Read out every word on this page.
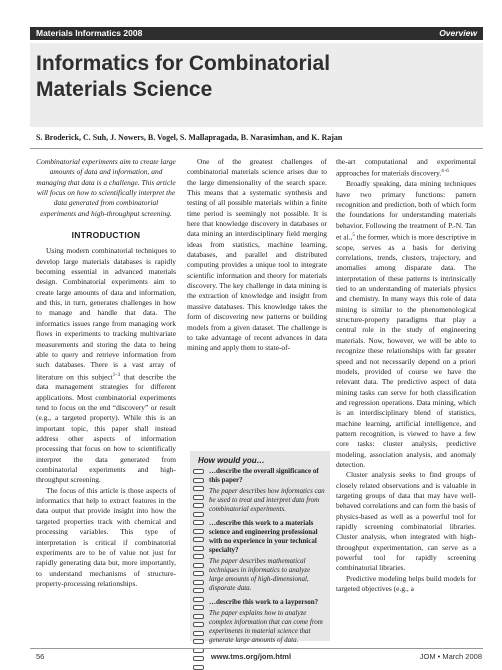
Materials Informatics 2008	Overview
Informatics for Combinatorial
Materials Science
S. Broderick, C. Suh, J. Nowers, B. Vogel, S. Mallapragada, B. Narasimhan, and K. Rajan

Combinatorial experiments aim to create large amounts of data and information, and managing that data is a challenge. This article will focus on how to scientifically interpret the data generated from combinatorial experiments and high-throughput screening.

INTRODUCTION

Using modern combinatorial techniques to develop large materials databases is rapidly becoming essential in advanced materials design. Combinatorial experiments aim to create large amounts of data and information, and this, in turn, generates challenges in how to manage and handle that data. The informatics issues range from managing work flows in experiments to tracking multivariate measurements and storing the data to being able to query and retrieve information from such databases. There is a vast array of literature on this subject$^{1-3}$ that describe the data management strategies for different applications. Most combinatorial experiments tend to focus on the end “discovery” or result (e.g., a targeted property). While this is an important topic, this paper shall instead address other aspects of information processing that focus on how to scientifically interpret the data generated from combinatorial experiments and high-throughput screening.

The focus of this article is those aspects of informatics that help to extract features in the data output that provide insight into how the targeted properties track with chemical and processing variables. This type of interpretation is critical if combinatorial experiments are to be of value not just for rapidly generating data but, more importantly, to understand mechanisms of structure-property-processing relationships.

One of the greatest challenges of combinatorial materials science arises due to the large dimensionality of the search space. This means that a systematic synthesis and testing of all possible materials within a finite time period is seemingly not possible. It is here that knowledge discovery in databases or data mining an interdisciplinary field merging ideas from statistics, machine learning, databases, and parallel and distributed computing provides a unique tool to integrate scientific information and theory for materials discovery. The key challenge in data mining is the extraction of knowledge and insight from massive databases. This knowledge takes the form of discovering new patterns or building models from a given dataset. The challenge is to take advantage of recent advances in data mining and apply them to state-of-

How would you…

…describe the overall significance of this paper?

The paper describes how informatics can be used to treat and interpret data from combinatorial experiments.

…describe this work to a materials science and engineering professional with no experience in your technical specialty?

The paper describes mathematical techniques in informatics to analyze large amounts of high-dimensional, disparate data.

…describe this work to a layperson?

The paper explains how to analyze complex information that can come from experiments in material science that generate large amounts of data.

the-art computational and experimental approaches for materials discovery.$^{4-6}$

Broadly speaking, data mining techniques have two primary functions: pattern recognition and prediction, both of which form the foundations for understanding materials behavior. Following the treatment of P.-N. Tan et al.,$^5$ the former, which is more descriptive in scope, serves as a basis for deriving correlations, trends, clusters, trajectory, and anomalies among disparate data. The interpretation of these patterns is intrinsically tied to an understanding of materials physics and chemistry. In many ways this role of data mining is similar to the phenomenological structure-property paradigms that play a central role in the study of engineering materials. Now, however, we will be able to recognize these relationships with far greater speed and not necessarily depend on a priori models, provided of course we have the relevant data. The predictive aspect of data mining tasks can serve for both classification and regression operations. Data mining, which is an interdisciplinary blend of statistics, machine learning, artificial intelligence, and pattern recognition, is viewed to have a few core tasks: cluster analysis, predictive modeling, association analysis, and anomaly detection.

Cluster analysis seeks to find groups of closely related observations and is valuable in targeting groups of data that may have well-behaved correlations and can form the basis of physics-based as well as a powerful tool for rapidly screening combinatorial libraries. Cluster analysis, when integrated with high-throughput experimentation, can serve as a powerful tool for rapidly screening combinatorial libraries.

Predictive modeling helps build models for targeted objectives (e.g., a

56	www.tms.org/jom.html	JOM • March 2008
